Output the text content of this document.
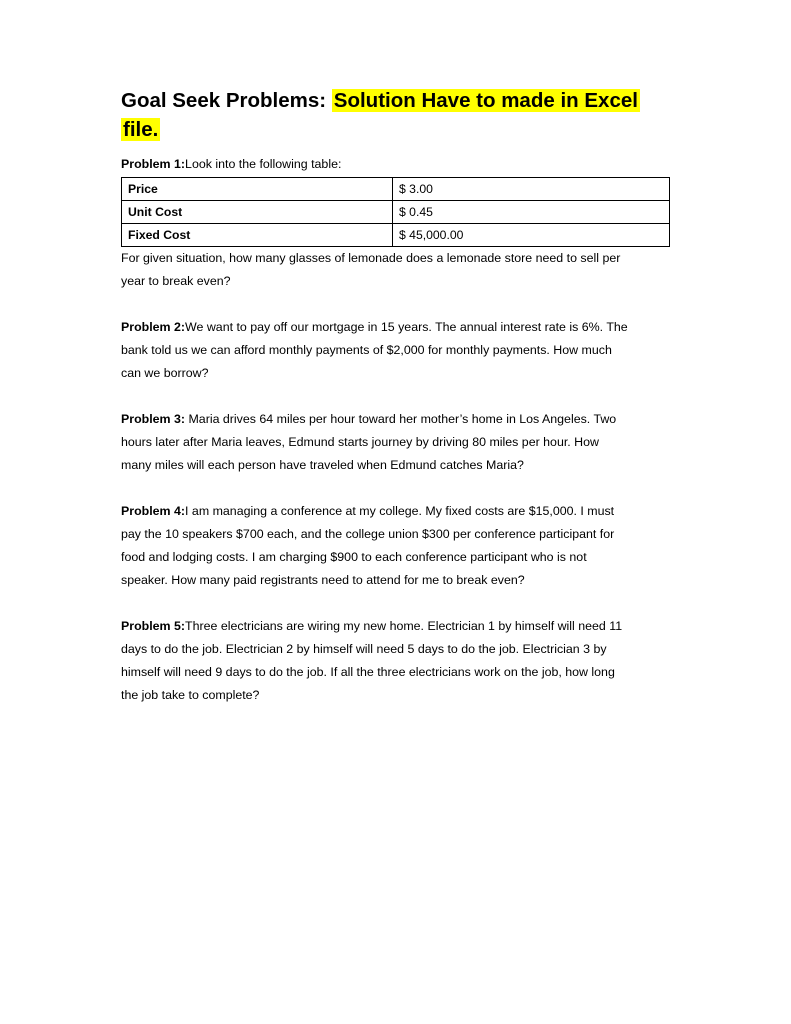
Goal Seek Problems: Solution Have to made in Excel
file.

Problem 1:Look into the following table:

Price	$ 3.00
Unit Cost	$ 0.45
Fixed Cost	$ 45,000.00

For given situation, how many glasses of lemonade does a lemonade store need to sell per
year to break even?

Problem 2:We want to pay off our mortgage in 15 years. The annual interest rate is 6%. The
bank told us we can afford monthly payments of $2,000 for monthly payments. How much
can we borrow?

Problem 3: Maria drives 64 miles per hour toward her mother’s home in Los Angeles. Two
hours later after Maria leaves, Edmund starts journey by driving 80 miles per hour. How
many miles will each person have traveled when Edmund catches Maria?

Problem 4:I am managing a conference at my college. My fixed costs are $15,000. I must
pay the 10 speakers $700 each, and the college union $300 per conference participant for
food and lodging costs. I am charging $900 to each conference participant who is not
speaker. How many paid registrants need to attend for me to break even?

Problem 5:Three electricians are wiring my new home. Electrician 1 by himself will need 11
days to do the job. Electrician 2 by himself will need 5 days to do the job. Electrician 3 by
himself will need 9 days to do the job. If all the three electricians work on the job, how long
the job take to complete?
